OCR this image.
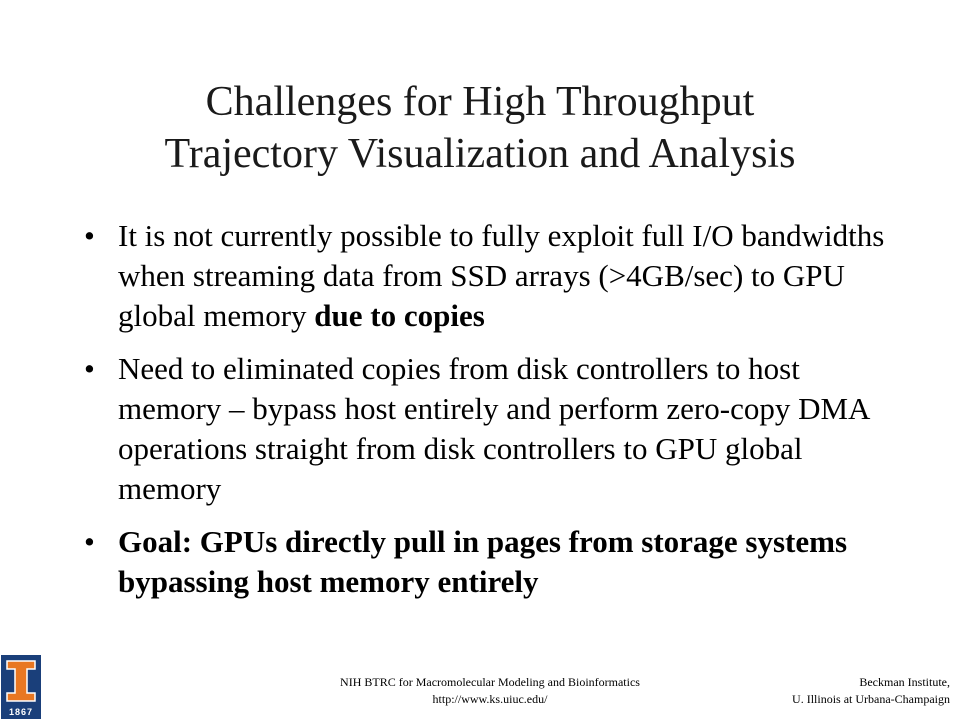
Challenges for High Throughput
Trajectory Visualization and Analysis
• It is not currently possible to fully exploit full I/O bandwidths when streaming data from SSD arrays (>4GB/sec) to GPU global memory due to copies
• Need to eliminated copies from disk controllers to host memory – bypass host entirely and perform zero-copy DMA operations straight from disk controllers to GPU global memory
• Goal: GPUs directly pull in pages from storage systems bypassing host memory entirely
1867
NIH BTRC for Macromolecular Modeling and Bioinformatics
http://www.ks.uiuc.edu/
Beckman Institute,
U. Illinois at Urbana-Champaign
